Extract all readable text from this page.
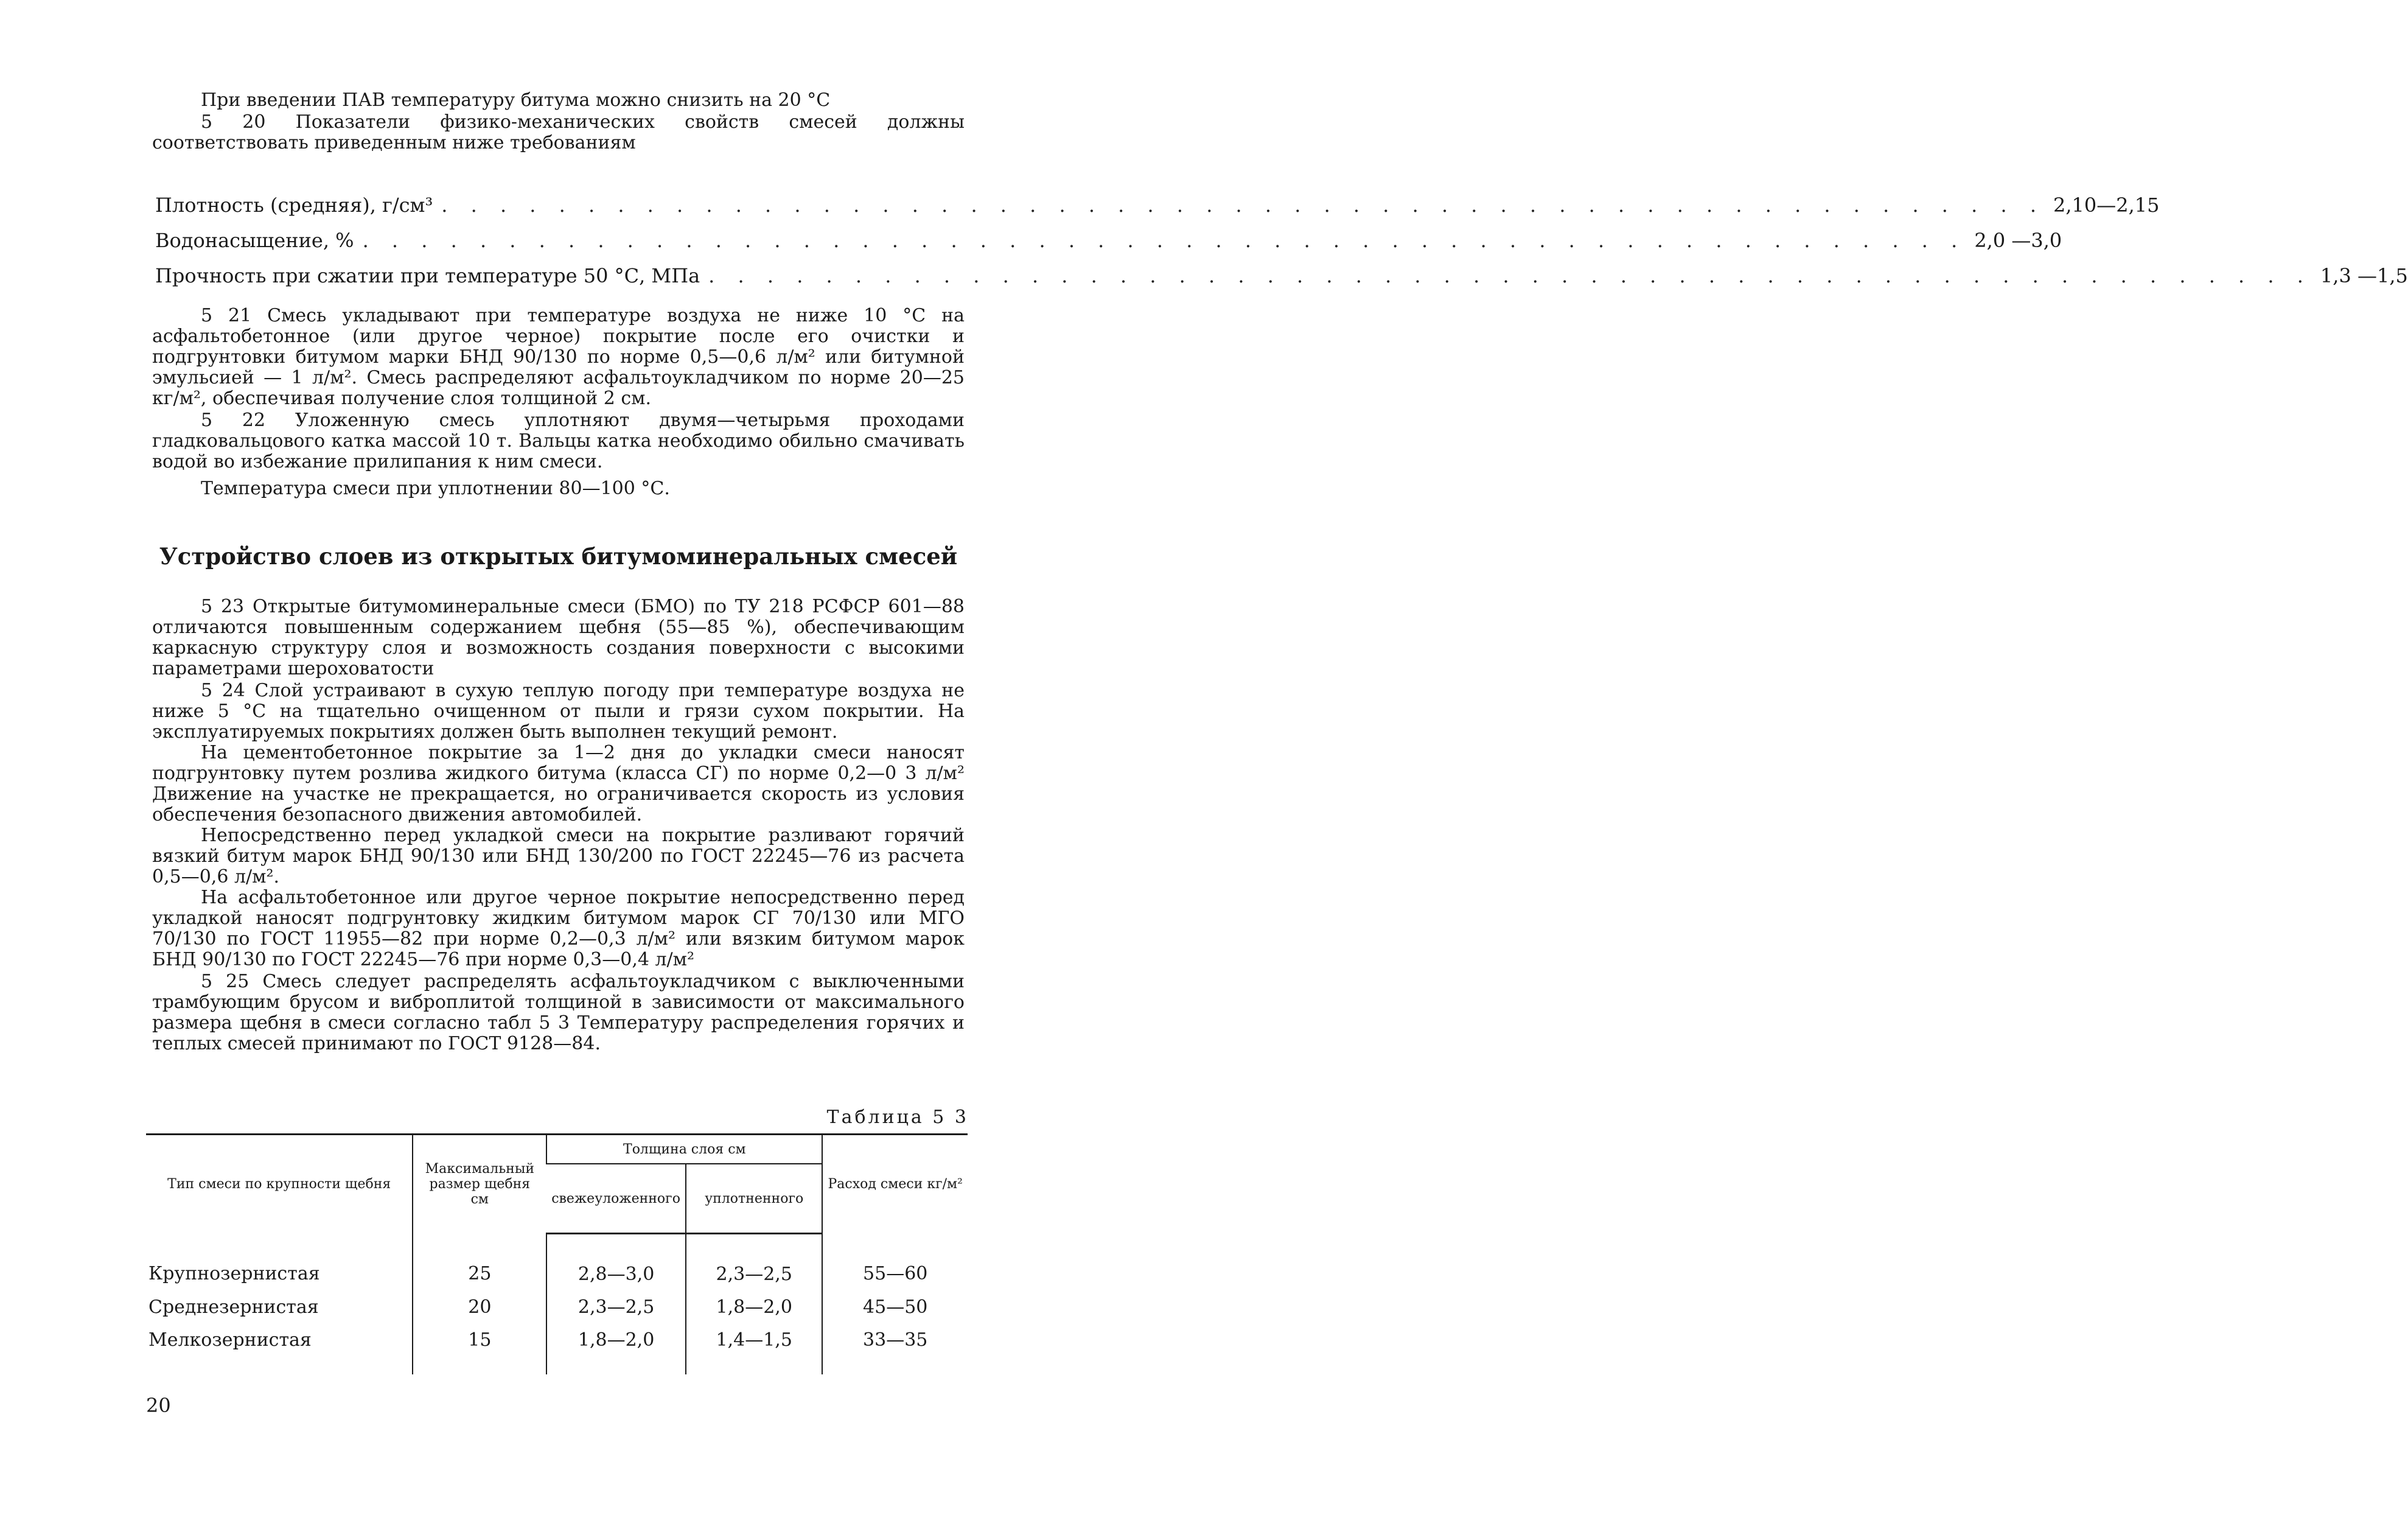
При введении ПАВ температуру битума можно снизить на 20 °С

5 20 Показатели физико-механических свойств смесей должны соответствовать приведенным ниже требованиям

Плотность (средняя), г/см³ . . . . . . . . . . . . . . . . . . . . . . . . . . . . . . . . . . . . . . . . . . . . . . . . . . . . . . . 2,10—2,15
Водонасыщение, % . . . . . . . . . . . . . . . . . . . . . . . . . . . . . . . . . . . . . . . . . . . . . . . . . . . . . . . 2,0 —3,0
Прочность при сжатии при температуре 50 °С, МПа . . . . . . . . . . . . . . . . . . . . . . . . . . . . . . . . . . . . . . . . . . . . . . . . . . . . . . . 1,3 —1,5

5 21 Смесь укладывают при температуре воздуха не ниже 10 °С на асфальтобетонное (или другое черное) покрытие после его очистки и подгрунтовки битумом марки БНД 90/130 по норме 0,5—0,6 л/м² или битумной эмульсией — 1 л/м². Смесь распределяют асфальтоукладчиком по норме 20—25 кг/м², обеспечивая получение слоя толщиной 2 см.

5 22 Уложенную смесь уплотняют двумя—четырьмя проходами гладковальцового катка массой 10 т. Вальцы катка необходимо обильно смачивать водой во избежание прилипания к ним смеси.

Температура смеси при уплотнении 80—100 °С.

Устройство слоев из открытых битумоминеральных смесей

5 23 Открытые битумоминеральные смеси (БМО) по ТУ 218 РСФСР 601—88 отличаются повышенным содержанием щебня (55—85 %), обеспечивающим каркасную структуру слоя и возможность создания поверхности с высокими параметрами шероховатости

5 24 Слой устраивают в сухую теплую погоду при температуре воздуха не ниже 5 °С на тщательно очищенном от пыли и грязи сухом покрытии. На эксплуатируемых покрытиях должен быть выполнен текущий ремонт.

На цементобетонное покрытие за 1—2 дня до укладки смеси наносят подгрунтовку путем розлива жидкого битума (класса СГ) по норме 0,2—0 3 л/м² Движение на участке не прекращается, но ограничивается скорость из условия обеспечения безопасного движения автомобилей.

Непосредственно перед укладкой смеси на покрытие разливают горячий вязкий битум марок БНД 90/130 или БНД 130/200 по ГОСТ 22245—76 из расчета 0,5—0,6 л/м².

На асфальтобетонное или другое черное покрытие непосредственно перед укладкой наносят подгрунтовку жидким битумом марок СГ 70/130 или МГО 70/130 по ГОСТ 11955—82 при норме 0,2—0,3 л/м² или вязким битумом марок БНД 90/130 по ГОСТ 22245—76 при норме 0,3—0,4 л/м²

5 25 Смесь следует распределять асфальтоукладчиком с выключенными трамбующим брусом и виброплитой толщиной в зависимости от максимального размера щебня в смеси согласно табл 5 3 Температуру распределения горячих и теплых смесей принимают по ГОСТ 9128—84.

Таблица 5 3
Тип смеси по крупности щебня	Максимальный размер щебня см	Толщина слоя см		Расход смеси кг/м²
		свежеуложенного	уплотненного	
Крупнозернистая	25	2,8—3,0	2,3—2,5	55—60
Среднезернистая	20	2,3—2,5	1,8—2,0	45—50
Мелкозернистая	15	1,8—2,0	1,4—1,5	33—35
20
